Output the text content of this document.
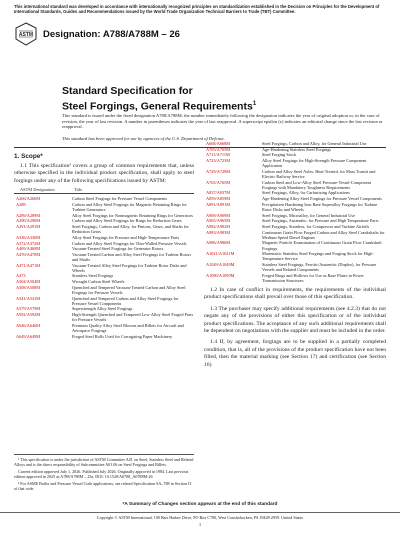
This international standard was developed in accordance with internationally recognized principles on standardization established in the Decision on Principles for the Development of International Standards, Guides and Recommendations issued by the World Trade Organization Technical Barriers to Trade (TBT) Committee.
ASTM Designation: A788/A788M – 26
Standard Specification for
Steel Forgings, General Requirements$^1$
This standard is issued under the fixed designation A788/A788M; the number immediately following the designation indicates the year of original adoption or, in the case of revision, the year of last revision. A number in parentheses indicates the year of last reapproval. A superscript epsilon (ε) indicates an editorial change since the last revision or reapproval.
This standard has been approved for use by agencies of the U.S. Department of Defense.
1. Scope*
1.1 This specification² covers a group of common requirements that, unless otherwise specified in the individual product specification, shall apply to steel forgings under any of the following specifications issued by ASTM:
ASTM Designation	Title
A266/A266M	Carbon Steel Forgings for Pressure Vessel Components
A288	Carbon and Alloy Steel Forgings for Magnetic Retaining Rings for Turbine Generators
A289/A289M	Alloy Steel Forgings for Nonmagnetic Retaining Rings for Generators
A290/A290M	Carbon and Alloy Steel Forgings for Rings for Reduction Gears
A291/A291M	Steel Forgings, Carbon and Alloy, for Pinions, Gears, and Shafts for Reduction Gears
A336/A336M	Alloy Steel Forgings for Pressure and High-Temperature Parts
A372/A372M	Carbon and Alloy Steel Forgings for Thin-Walled Pressure Vessels
A469/A469M	Vacuum-Treated Steel Forgings for Generator Rotors
A470/A470M	Vacuum-Treated Carbon and Alloy Steel Forgings for Turbine Rotors and Shafts
A471/A471M	Vacuum-Treated Alloy Steel Forgings for Turbine Rotor Disks and Wheels
A473	Stainless Steel Forgings
A504/A504M	Wrought Carbon Steel Wheels
A508/A508M	Quenched and Tempered Vacuum-Treated Carbon and Alloy Steel Forgings for Pressure Vessels
A541/A541M	Quenched and Tempered Carbon and Alloy Steel Forgings for Pressure Vessel Components
A579/A579M	Superstrength Alloy Steel Forgings
A592/A592M	High-Strength Quenched and Tempered Low-Alloy Steel Forged Parts for Pressure Vessels
A646/A646M	Premium Quality Alloy Steel Blooms and Billets for Aircraft and Aerospace Forgings
A649/A649M	Forged Steel Rolls Used for Corrugating Paper Machinery
A668/A668M	Steel Forgings, Carbon and Alloy, for General Industrial Use
A705/A705M	Age-Hardening Stainless Steel Forgings
A711/A711M	Steel Forging Stock
A723/A723M	Alloy Steel Forgings for High-Strength Pressure Component Application
A729/A729M	Carbon and Alloy Steel Axles, Heat-Treated, for Mass Transit and Electric Railway Service
A765/A765M	Carbon Steel and Low-Alloy Steel Pressure-Vessel-Component Forgings with Mandatory Toughness Requirements
A837/A837M	Steel Forgings, Alloy, for Carburizing Applications
A859/A859M	Age-Hardening Alloy Steel Forgings for Pressure Vessel Components
A891/A891M	Precipitation Hardening Iron Base Superalloy Forgings for Turbine Rotor Disks and Wheels
A909/A909M	Steel Forgings, Microalloy, for General Industrial Use
A965/A965M	Steel Forgings, Austenitic, for Pressure and High Temperature Parts
A982/A982M	Steel Forgings, Stainless, for Compressor and Turbine Airfoils
A983/A983M	Continuous Grain Flow Forged Carbon and Alloy Steel Crankshafts for Medium Speed Diesel Engines
A986/A986M	Magnetic Particle Examination of Continuous Grain Flow Crankshaft Forgings
A1021/A1021M	Martensitic Stainless Steel Forgings and Forging Stock for High-Temperature Service
A1049/A1049M	Stainless Steel Forgings, Ferritic/Austenitic (Duplex), for Pressure Vessels and Related Components
A1090/A1090M	Forged Rings and Hollows for Use as Base Plates in Power Transmission Structures
1.2 In case of conflict in requirements, the requirements of the individual product specifications shall prevail over those of this specification.
1.3 The purchaser may specify additional requirements (see 4.2.3) that do not negate any of the provisions of either this specification or of the individual product specifications. The acceptance of any such additional requirements shall be dependent on negotiations with the supplier and must be included in the order.
1.4 If, by agreement, forgings are to be supplied in a partially completed condition, that is, all of the provisions of the product specification have not been filled, then the material marking (see Section 17) and certification (see Section 16)

¹ This specification is under the jurisdiction of ASTM Committee A01 on Steel, Stainless Steel and Related Alloys and is the direct responsibility of Subcommittee A01.06 on Steel Forgings and Billets.

Current edition approved July 1, 2026. Published July 2026. Originally approved in 1984. Last previous edition approved in 2025 as A788/A788M – 25a. DOI: 10.1520/A0788_A0788M-26

² For ASME Boiler and Pressure Vessel Code applications, see related Specification SA–788 in Section II of that code.

*A Summary of Changes section appears at the end of this standard
Copyright © ASTM International, 100 Barr Harbor Drive, PO Box C700, West Conshohocken, PA 19428-2959. United States
1
